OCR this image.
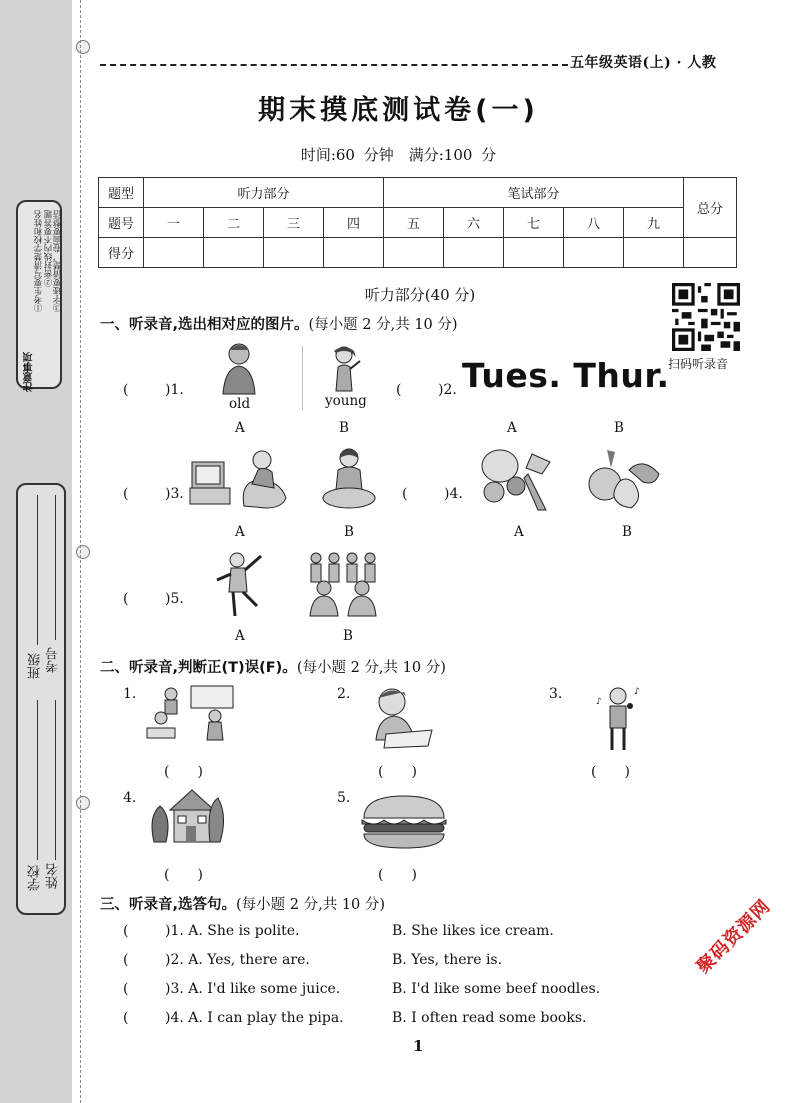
注意事项
①考生要写清楚学校和姓名 ②密封线内不要答题 ③字迹要清楚，卷面要整洁
班级 考号
学校 姓名
五年级英语(上) · 人教
期末摸底测试卷(一)
时间:60 分钟　满分:100 分
题型	听力部分				笔试部分					总分
题号	一	二	三	四	五	六	七	八	九	
得分										
听力部分(40 分)
扫码听录音
一、听录音,选出相对应的图片。(每小题 2 分,共 10 分)
(	)1.
old	young
A	B
(	)2. Tues. Thur.
A	B
(	)3.
A	B
(	)4.
A	B
(	)5.
A	B
二、听录音,判断正(T)误(F)。(每小题 2 分,共 10 分)
1.
(　　)
2.
(　　)
3.	♪
♪
(　　)
4.
(　　)
5.
(　　)
三、听录音,选答句。(每小题 2 分,共 10 分)
(	)1. A. She is polite.	B. She likes ice cream.
(	)2. A. Yes, there are.	B. Yes, there is.
(	)3. A. I'd like some juice.	B. I'd like some beef noodles.
(	)4. A. I can play the pipa.	B. I often read some books.
1
聚码资源网
